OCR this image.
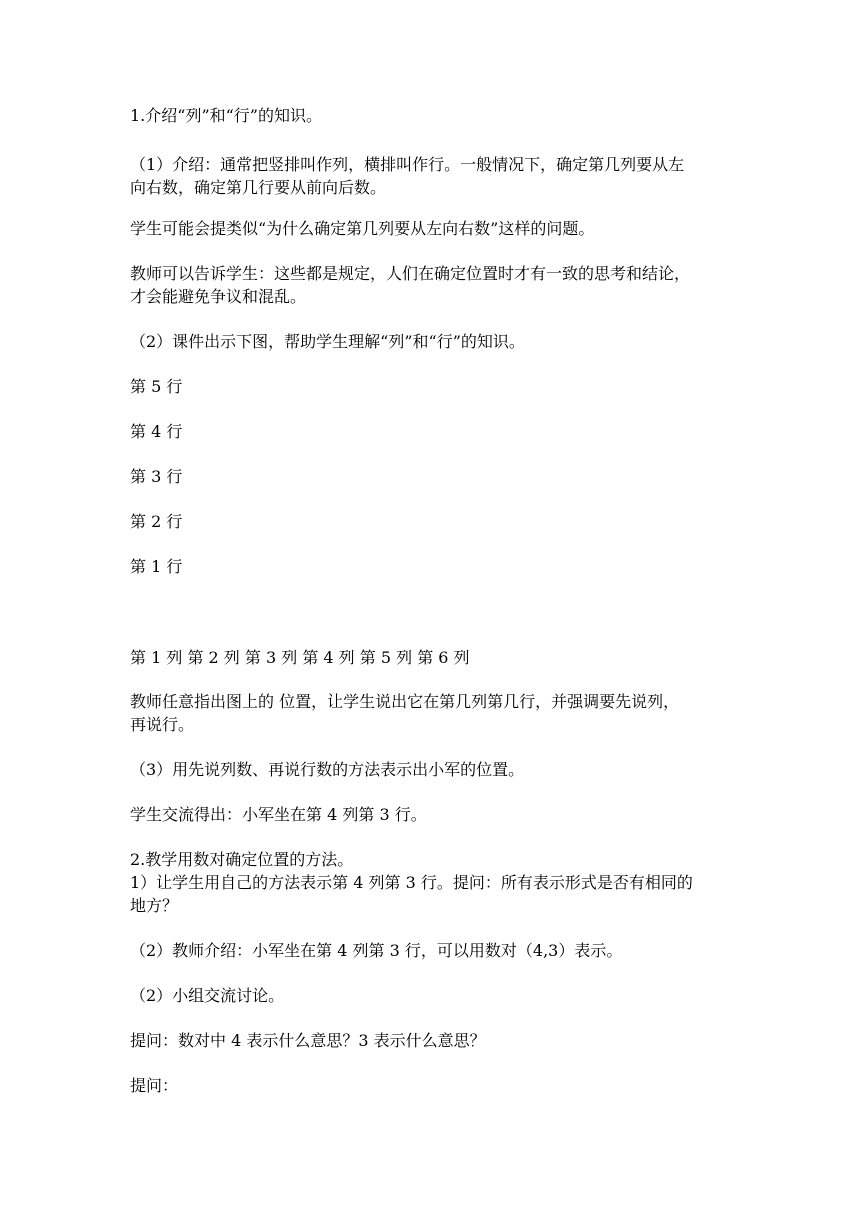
1.介绍“列”和“行”的知识。

（1）介绍：通常把竖排叫作列，横排叫作行。一般情况下，确定第几列要从左

向右数，确定第几行要从前向后数。

学生可能会提类似“为什么确定第几列要从左向右数”这样的问题。

教师可以告诉学生：这些都是规定，人们在确定位置时才有一致的思考和结论，

才会能避免争议和混乱。

（2）课件出示下图，帮助学生理解“列”和“行”的知识。

第 5 行

第 4 行

第 3 行

第 2 行

第 1 行

第 1 列 第 2 列 第 3 列 第 4 列 第 5 列 第 6 列

教师任意指出图上的 位置，让学生说出它在第几列第几行，并强调要先说列，

再说行。

（3）用先说列数、再说行数的方法表示出小军的位置。

学生交流得出：小军坐在第 4 列第 3 行。

2.教学用数对确定位置的方法。

1）让学生用自己的方法表示第 4 列第 3 行。提问：所有表示形式是否有相同的

地方？

（2）教师介绍：小军坐在第 4 列第 3 行，可以用数对（4,3）表示。

（2）小组交流讨论。

提问：数对中 4 表示什么意思？3 表示什么意思？

提问：
